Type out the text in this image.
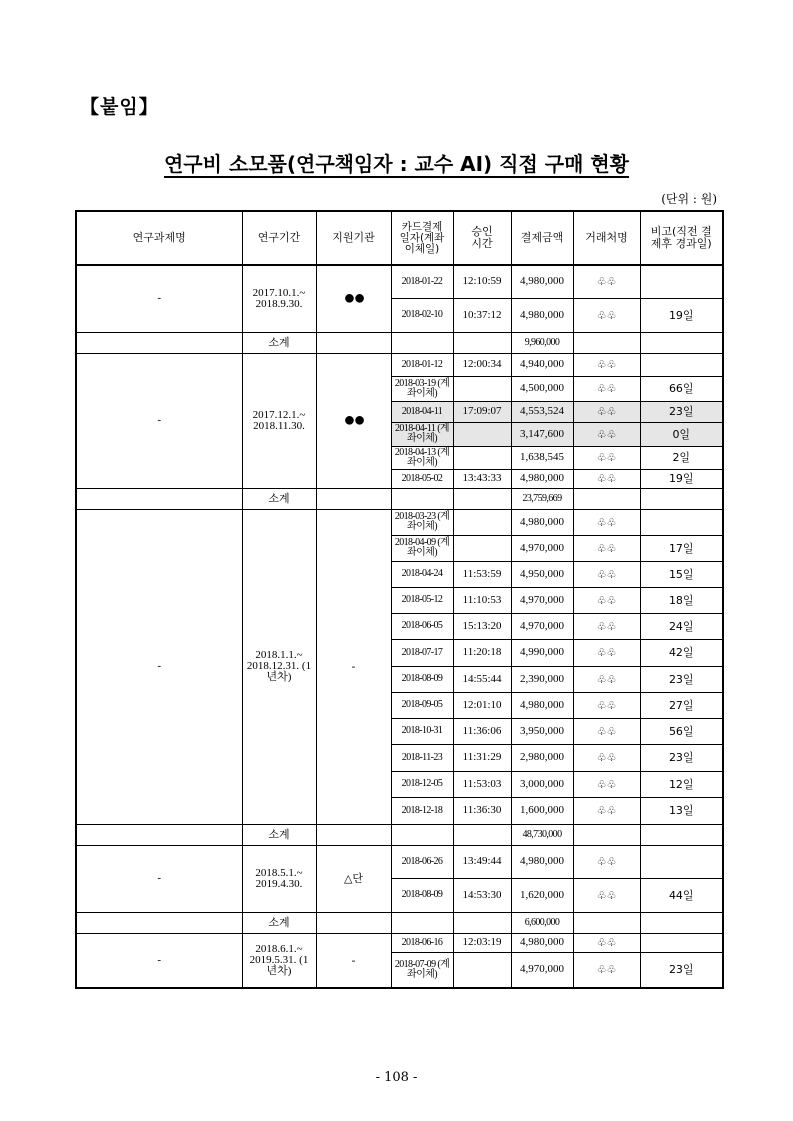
【붙임】
연구비 소모품(연구책임자 : 교수 AI) 직접 구매 현황
(단위 : 원)
연구과제명	연구기간	지원기관	카드결제일자(계좌이체일)	승인시간	결제금액	거래처명	비고(직전 결제후 경과일)
-	2017.10.1.~ 2018.9.30.	●●	2018-01-22	12:10:59	4,980,000	♧♧	
			2018-02-10	10:37:12	4,980,000	♧♧	19일
	소계				9,960,000		
-	2017.12.1.~ 2018.11.30.	●●	2018-01-12	12:00:34	4,940,000	♧♧	
			2018-03-19 (계좌이체)		4,500,000	♧♧	66일
			2018-04-11	17:09:07	4,553,524	♧♧	23일
			2018-04-11 (계좌이체)		3,147,600	♧♧	0일
			2018-04-13 (계좌이체)		1,638,545	♧♧	2일
			2018-05-02	13:43:33	4,980,000	♧♧	19일
	소계				23,759,669		
-	2018.1.1.~ 2018.12.31. (1년차)	-	2018-03-23 (계좌이체)		4,980,000	♧♧	
			2018-04-09 (계좌이체)		4,970,000	♧♧	17일
			2018-04-24	11:53:59	4,950,000	♧♧	15일
			2018-05-12	11:10:53	4,970,000	♧♧	18일
			2018-06-05	15:13:20	4,970,000	♧♧	24일
			2018-07-17	11:20:18	4,990,000	♧♧	42일
			2018-08-09	14:55:44	2,390,000	♧♧	23일
			2018-09-05	12:01:10	4,980,000	♧♧	27일
			2018-10-31	11:36:06	3,950,000	♧♧	56일
			2018-11-23	11:31:29	2,980,000	♧♧	23일
			2018-12-05	11:53:03	3,000,000	♧♧	12일
			2018-12-18	11:36:30	1,600,000	♧♧	13일
	소계				48,730,000		
-	2018.5.1.~ 2019.4.30.	△단	2018-06-26	13:49:44	4,980,000	♧♧	
			2018-08-09	14:53:30	1,620,000	♧♧	44일
	소계				6,600,000		
-	2018.6.1.~ 2019.5.31. (1년차)	-	2018-06-16	12:03:19	4,980,000	♧♧	
			2018-07-09 (계좌이체)		4,970,000	♧♧	23일
- 108 -
